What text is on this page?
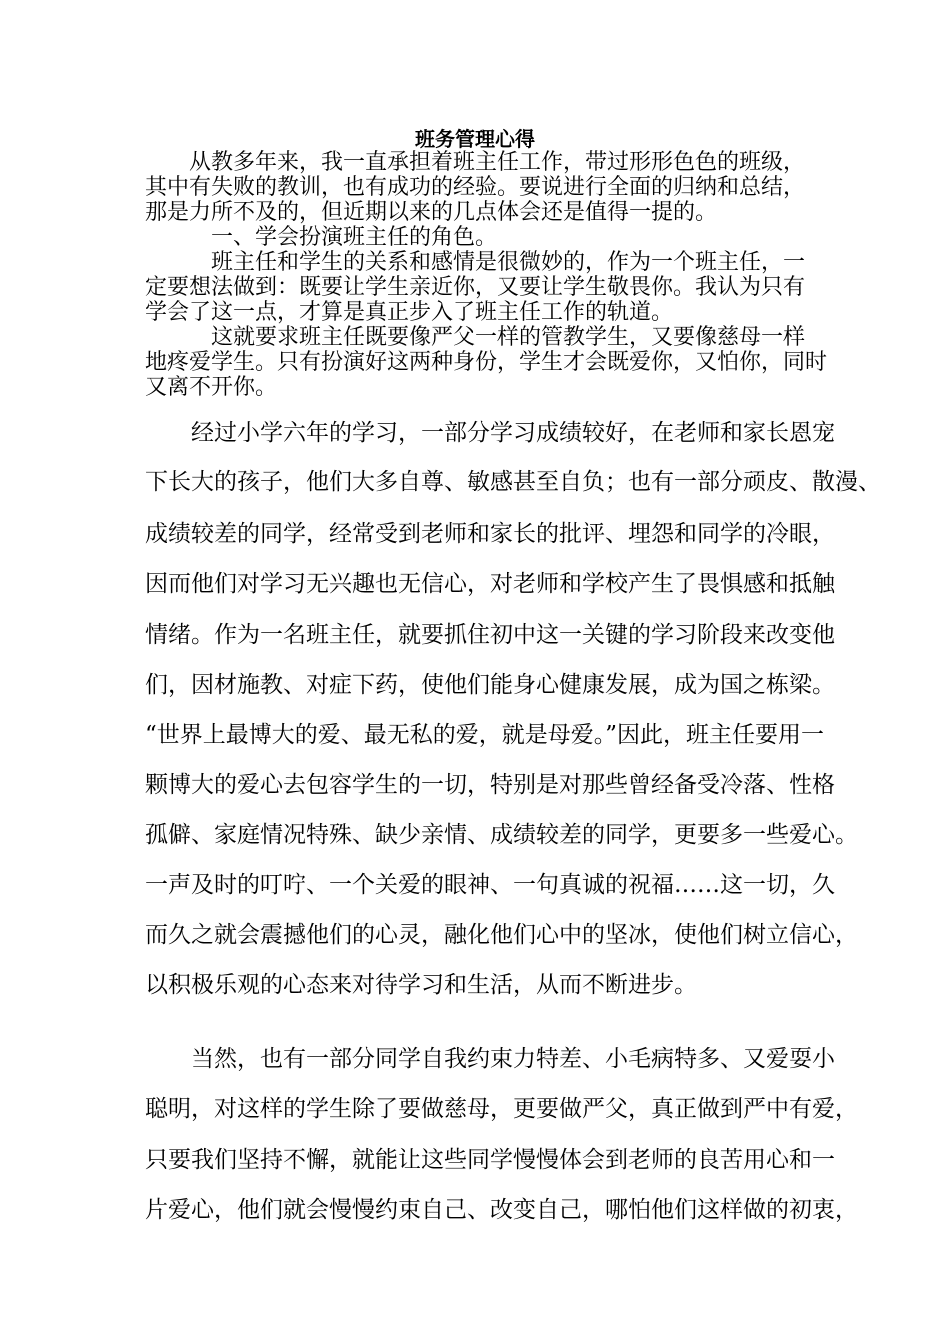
班务管理心得

　　从教多年来，我一直承担着班主任工作，带过形形色色的班级，

其中有失败的教训，也有成功的经验。要说进行全面的归纳和总结，

那是力所不及的，但近期以来的几点体会还是值得一提的。

　　　一、学会扮演班主任的角色。

　　　班主任和学生的关系和感情是很微妙的，作为一个班主任，一

定要想法做到：既要让学生亲近你，又要让学生敬畏你。我认为只有

学会了这一点，才算是真正步入了班主任工作的轨道。

　　　这就要求班主任既要像严父一样的管教学生，又要像慈母一样

地疼爱学生。只有扮演好这两种身份，学生才会既爱你，又怕你，同时

又离不开你。

　　经过小学六年的学习，一部分学习成绩较好，在老师和家长恩宠

下长大的孩子，他们大多自尊、敏感甚至自负；也有一部分顽皮、散漫、

成绩较差的同学，经常受到老师和家长的批评、埋怨和同学的冷眼，

因而他们对学习无兴趣也无信心，对老师和学校产生了畏惧感和抵触

情绪。作为一名班主任，就要抓住初中这一关键的学习阶段来改变他

们，因材施教、对症下药，使他们能身心健康发展，成为国之栋梁。

“世界上最博大的爱、最无私的爱，就是母爱。”因此，班主任要用一

颗博大的爱心去包容学生的一切，特别是对那些曾经备受冷落、性格

孤僻、家庭情况特殊、缺少亲情、成绩较差的同学，更要多一些爱心。

一声及时的叮咛、一个关爱的眼神、一句真诚的祝福……这一切，久

而久之就会震撼他们的心灵，融化他们心中的坚冰，使他们树立信心，

以积极乐观的心态来对待学习和生活，从而不断进步。

　　当然，也有一部分同学自我约束力特差、小毛病特多、又爱耍小

聪明，对这样的学生除了要做慈母，更要做严父，真正做到严中有爱，

只要我们坚持不懈，就能让这些同学慢慢体会到老师的良苦用心和一

片爱心，他们就会慢慢约束自己、改变自己，哪怕他们这样做的初衷，
